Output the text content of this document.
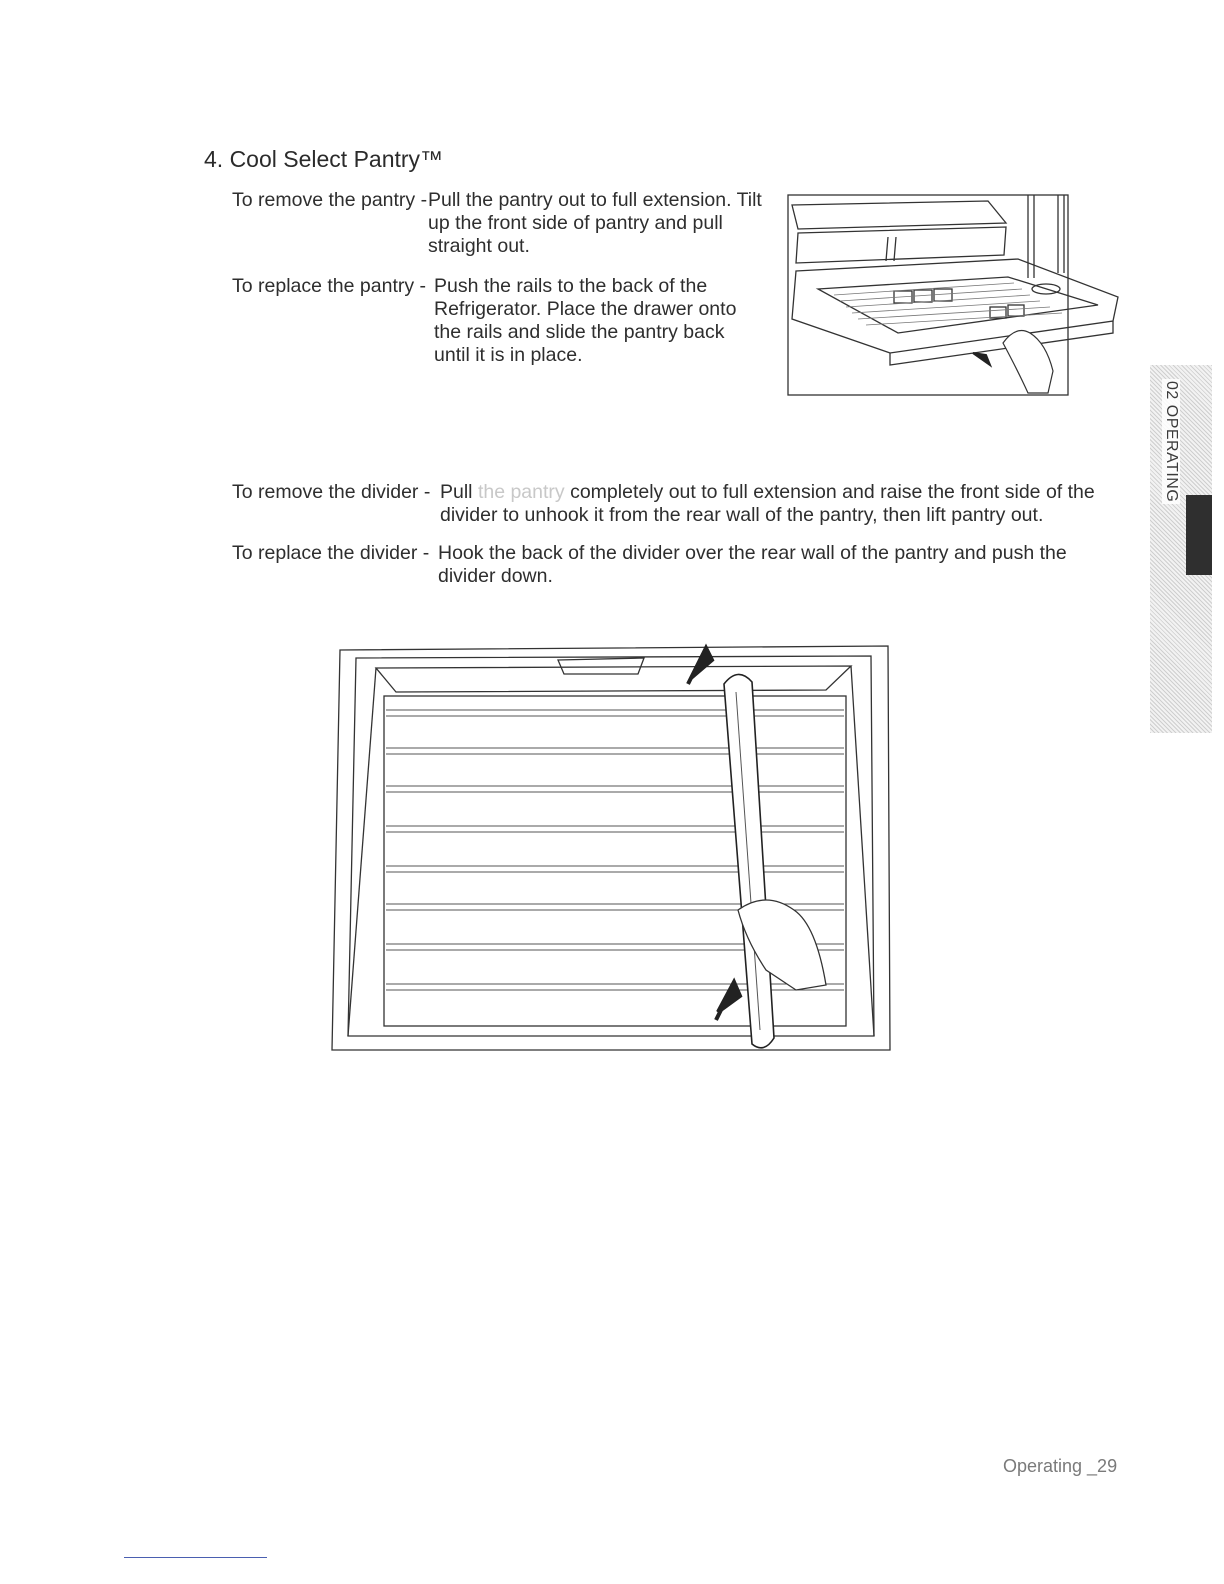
4. Cool Select Pantry™
To remove the pantry - Pull the pantry out to full extension. Tilt up the front side of pantry and pull straight out.
To replace the pantry - Push the rails to the back of the Refrigerator. Place the drawer onto the rails and slide the pantry back until it is in place.
To remove the divider - Pull the pantry completely out to full extension and raise the front side of the divider to unhook it from the rear wall of the pantry, then lift pantry out.
To replace the divider - Hook the back of the divider over the rear wall of the pantry and push the divider down.
02 OPERATING
Operating _29
